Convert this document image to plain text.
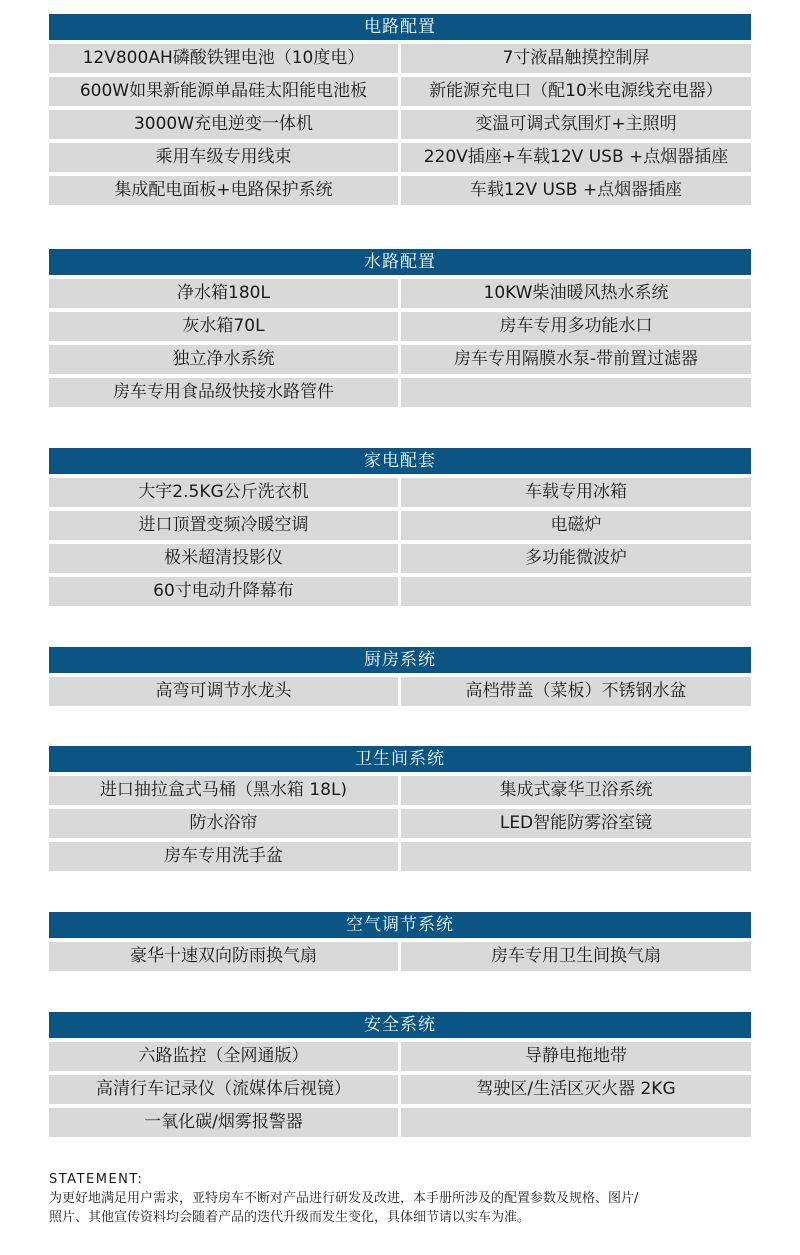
电路配置
12V800AH磷酸铁锂电池（10度电）	7寸液晶触摸控制屏
600W如果新能源单晶硅太阳能电池板	新能源充电口（配10米电源线充电器）
3000W充电逆变一体机	变温可调式氛围灯+主照明
乘用车级专用线束	220V插座+车载12V USB +点烟器插座
集成配电面板+电路保护系统	车载12V USB +点烟器插座
水路配置
净水箱180L	10KW柴油暖风热水系统
灰水箱70L	房车专用多功能水口
独立净水系统	房车专用隔膜水泵-带前置过滤器
房车专用食品级快接水路管件
家电配套
大宇2.5KG公斤洗衣机	车载专用冰箱
进口顶置变频冷暖空调	电磁炉
极米超清投影仪	多功能微波炉
60寸电动升降幕布
厨房系统
高弯可调节水龙头	高档带盖（菜板）不锈钢水盆
卫生间系统
进口抽拉盒式马桶（黑水箱 18L)	集成式豪华卫浴系统
防水浴帘	LED智能防雾浴室镜
房车专用洗手盆
空气调节系统
豪华十速双向防雨换气扇	房车专用卫生间换气扇
安全系统
六路监控（全网通版）	导静电拖地带
高清行车记录仪（流媒体后视镜）	驾驶区/生活区灭火器 2KG
一氧化碳/烟雾报警器
STATEMENT:
为更好地满足用户需求，亚特房车不断对产品进行研发及改进，本手册所涉及的配置参数及规格、图片/
照片、其他宣传资料均会随着产品的迭代升级而发生变化，具体细节请以实车为准。
